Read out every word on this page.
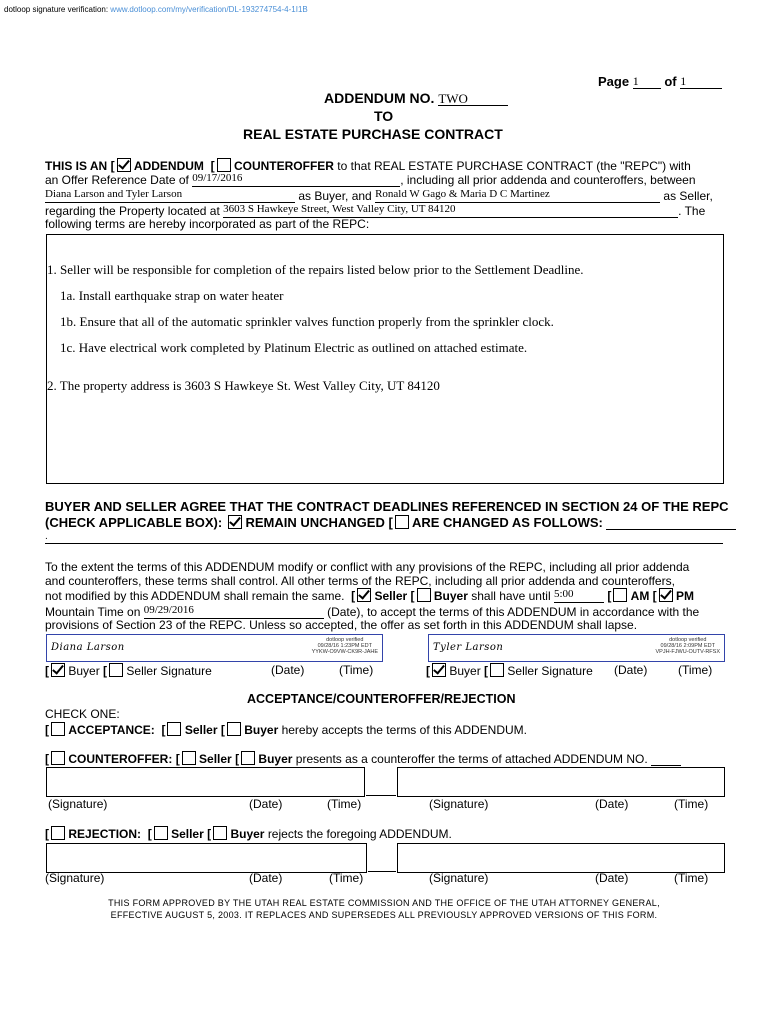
dotloop signature verification: www.dotloop.com/my/verification/DL-193274754-4-1I1B
Page 1 of 1
ADDENDUM NO. TWO
TO
REAL ESTATE PURCHASE CONTRACT
THIS IS AN [ ADDENDUM  [ COUNTEROFFER to that REAL ESTATE PURCHASE CONTRACT (the "REPC") with
an Offer Reference Date of 09/17/2016	, including all prior addenda and counteroffers, between
Diana Larson and Tyler Larson	as Buyer, and Ronald W Gago & Maria D C Martinez	as Seller,
regarding the Property located at 3603 S Hawkeye Street, West Valley City, UT 84120	. The
following terms are hereby incorporated as part of the REPC:
1. Seller will be responsible for completion of the repairs listed below prior to the Settlement Deadline.
1a. Install earthquake strap on water heater
1b. Ensure that all of the automatic sprinkler valves function properly from the sprinkler clock.
1c. Have electrical work completed by Platinum Electric as outlined on attached estimate.
2. The property address is 3603 S Hawkeye St. West Valley City, UT 84120
BUYER AND SELLER AGREE THAT THE CONTRACT DEADLINES REFERENCED IN SECTION 24 OF THE REPC
(CHECK APPLICABLE BOX): REMAIN UNCHANGED [ ARE CHANGED AS FOLLOWS:
.
To the extent the terms of this ADDENDUM modify or conflict with any provisions of the REPC, including all prior addenda
and counteroffers, these terms shall control. All other terms of the REPC, including all prior addenda and counteroffers,
not modified by this ADDENDUM shall remain the same.  [ Seller [ Buyer shall have until 5:00	[ AM [ PM
Mountain Time on 09/29/2016	(Date), to accept the terms of this ADDENDUM in accordance with the
provisions of Section 23 of the REPC. Unless so accepted, the offer as set forth in this ADDENDUM shall lapse.
Diana Larson
dotloop verified
09/28/16 1:23PM EDT
YYKW-O9VW-CK9R-JAHE	Tyler Larson
dotloop verified
09/28/16 2:09PM EDT
VPJH-FJWU-OUTV-RFSX
[ Buyer [ Seller Signature	(Date)	(Time)	[ Buyer [ Seller Signature (Date)	(Time)
ACCEPTANCE/COUNTEROFFER/REJECTION
CHECK ONE:
[ ACCEPTANCE:  [ Seller [ Buyer hereby accepts the terms of this ADDENDUM.
[ COUNTEROFFER: [ Seller [ Buyer presents as a counteroffer the terms of attached ADDENDUM NO.
(Signature)	(Date)	(Time)	(Signature)	(Date)	(Time)
[ REJECTION:  [ Seller [ Buyer rejects the foregoing ADDENDUM.
(Signature)	(Date)	(Time)	(Signature)	(Date)	(Time)
THIS FORM APPROVED BY THE UTAH REAL ESTATE COMMISSION AND THE OFFICE OF THE UTAH ATTORNEY GENERAL,
EFFECTIVE AUGUST 5, 2003. IT REPLACES AND SUPERSEDES ALL PREVIOUSLY APPROVED VERSIONS OF THIS FORM.
